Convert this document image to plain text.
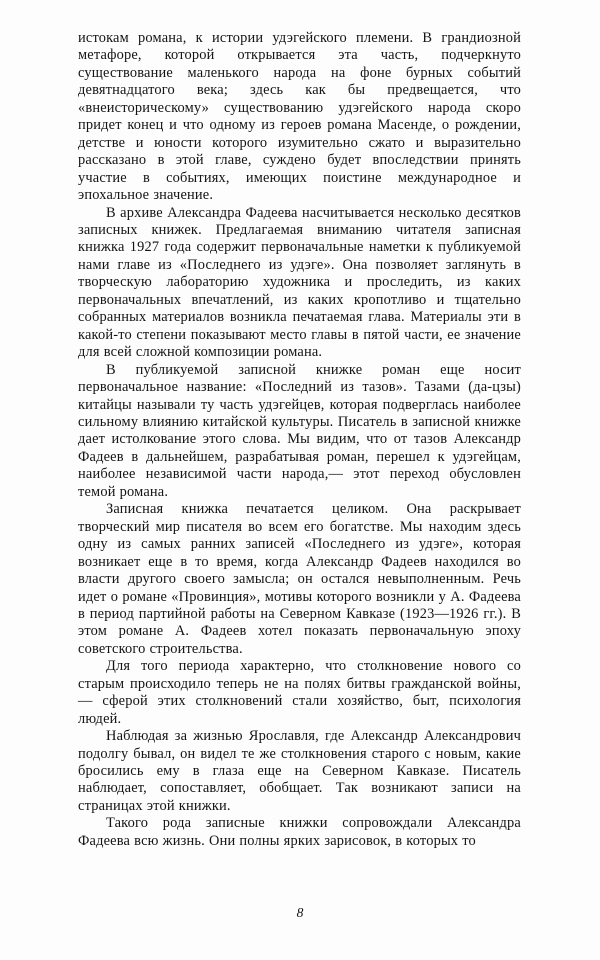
истокам романа, к истории удэгейского племени. В грандиозной метафоре, которой открывается эта часть, подчеркнуто существование маленького народа на фоне бурных событий девятнадцатого века; здесь как бы предвещается, что «внеисторическому» существованию удэгейского народа скоро придет конец и что одному из героев романа Масенде, о рождении, детстве и юности которого изумительно сжато и выразительно рассказано в этой главе, суждено будет впоследствии принять участие в событиях, имеющих поистине международное и эпохальное значение.

В архиве Александра Фадеева насчитывается несколько десятков записных книжек. Предлагаемая вниманию читателя записная книжка 1927 года содержит первоначальные наметки к публикуемой нами главе из «Последнего из удэге». Она позволяет заглянуть в творческую лабораторию художника и проследить, из каких первоначальных впечатлений, из каких кропотливо и тщательно собранных материалов возникла печатаемая глава. Материалы эти в какой-то степени показывают место главы в пятой части, ее значение для всей сложной композиции романа.

В публикуемой записной книжке роман еще носит первоначальное название: «Последний из тазов». Тазами (да-цзы) китайцы называли ту часть удэгейцев, которая подверглась наиболее сильному влиянию китайской культуры. Писатель в записной книжке дает истолкование этого слова. Мы видим, что от тазов Александр Фадеев в дальнейшем, разрабатывая роман, перешел к удэгейцам, наиболее независимой части народа,— этот переход обусловлен темой романа.

Записная книжка печатается целиком. Она раскрывает творческий мир писателя во всем его богатстве. Мы находим здесь одну из самых ранних записей «Последнего из удэге», которая возникает еще в то время, когда Александр Фадеев находился во власти другого своего замысла; он остался невыполненным. Речь идет о романе «Провинция», мотивы которого возникли у А. Фадеева в период партийной работы на Северном Кавказе (1923—1926 гг.). В этом романе А. Фадеев хотел показать первоначальную эпоху советского строительства.

Для того периода характерно, что столкновение нового со старым происходило теперь не на полях битвы гражданской войны,— сферой этих столкновений стали хозяйство, быт, психология людей.

Наблюдая за жизнью Ярославля, где Александр Александрович подолгу бывал, он видел те же столкновения старого с новым, какие бросились ему в глаза еще на Северном Кавказе. Писатель наблюдает, сопоставляет, обобщает. Так возникают записи на страницах этой книжки.

Такого рода записные книжки сопровождали Александра Фадеева всю жизнь. Они полны ярких зарисовок, в которых то

8
